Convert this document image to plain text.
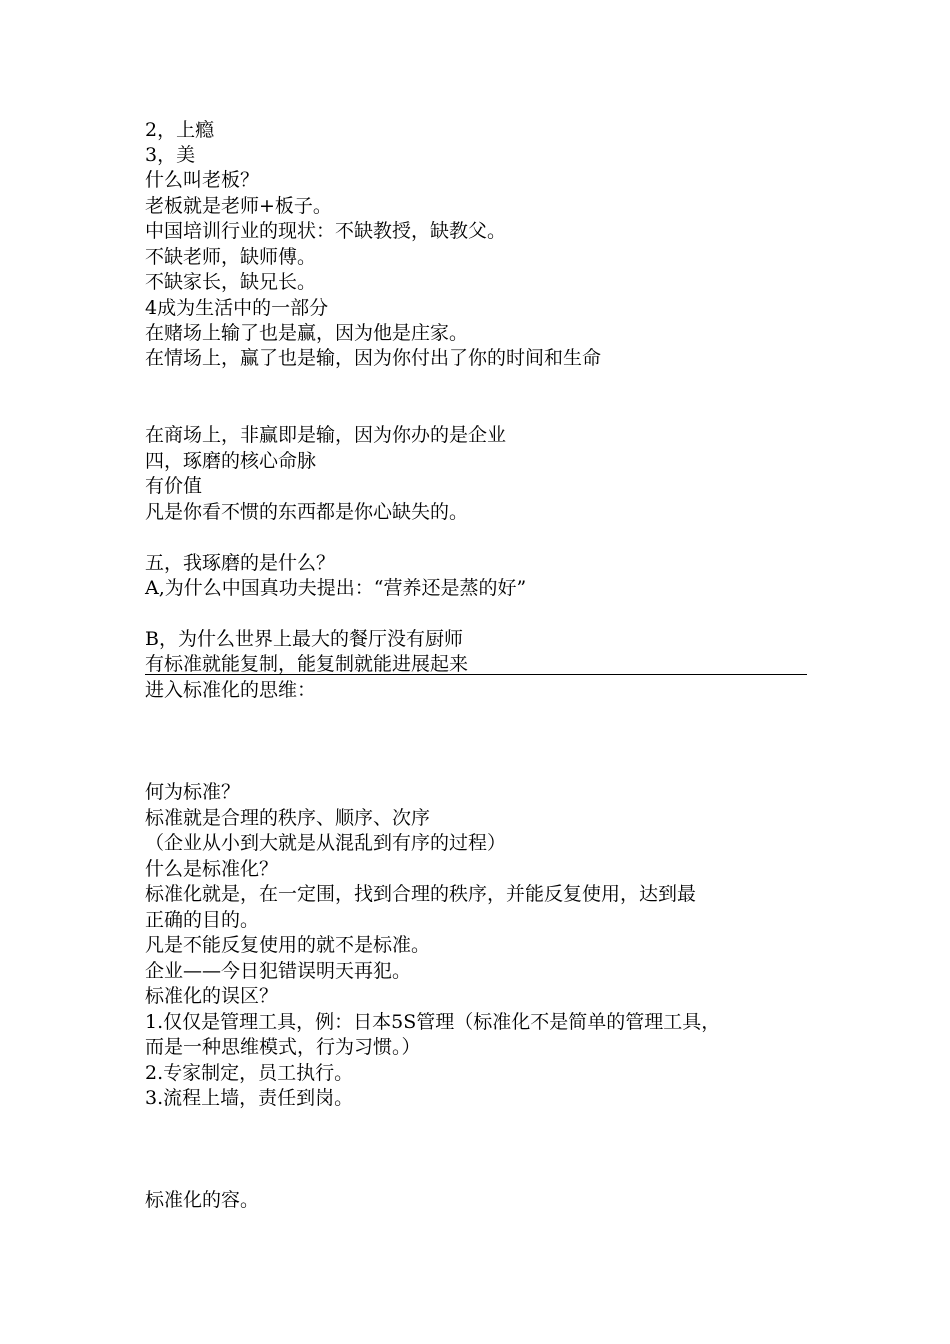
2，上瘾
3，美
什么叫老板？
老板就是老师+板子。
中国培训行业的现状：不缺教授，缺教父。
不缺老师，缺师傅。
不缺家长，缺兄长。
4成为生活中的一部分
在赌场上输了也是赢，因为他是庄家。
在情场上，赢了也是输，因为你付出了你的时间和生命
在商场上，非赢即是输，因为你办的是企业
四，琢磨的核心命脉
有价值
凡是你看不惯的东西都是你心缺失的。
五，我琢磨的是什么？
A,为什么中国真功夫提出：“营养还是蒸的好”
B，为什么世界上最大的餐厅没有厨师
有标准就能复制，能复制就能进展起来
进入标准化的思维：
何为标准？
标准就是合理的秩序、顺序、次序
（企业从小到大就是从混乱到有序的过程）
什么是标准化？
标准化就是，在一定围，找到合理的秩序，并能反复使用，达到最
正确的目的。
凡是不能反复使用的就不是标准。
企业——今日犯错误明天再犯。
标准化的误区？
1.仅仅是管理工具，例：日本5S管理（标准化不是简单的管理工具，
而是一种思维模式，行为习惯。）
2.专家制定，员工执行。
3.流程上墙，责任到岗。
标准化的容。
